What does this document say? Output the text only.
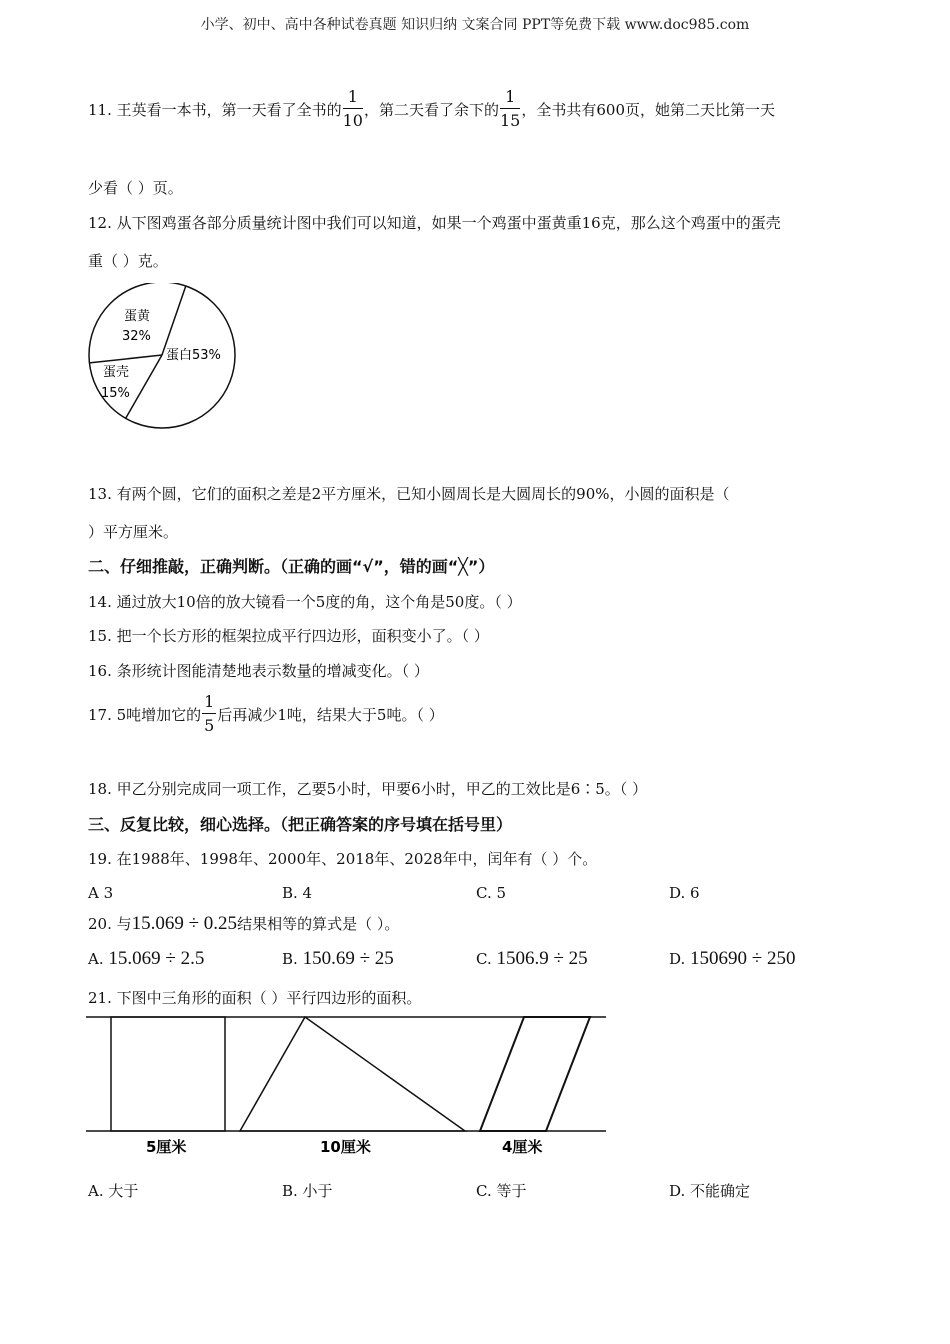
小学、初中、高中各种试卷真题 知识归纳 文案合同 PPT等免费下载 www.doc985.com
11. 王英看一本书，第一天看了全书的 $\frac{1}{10}$ ，第二天看了余下的 $\frac{1}{15}$ ，全书共有600页，她第二天比第一天
少看（ ）页。
12. 从下图鸡蛋各部分质量统计图中我们可以知道，如果一个鸡蛋中蛋黄重16克，那么这个鸡蛋中的蛋壳
重（ ）克。
蛋黄
32%
蛋白53%
蛋壳
15%
13. 有两个圆，它们的面积之差是2平方厘米，已知小圆周长是大圆周长的90%，小圆的面积是（
）平方厘米。
二、仔细推敲，正确判断。（正确的画“√”，错的画“╳”）
14. 通过放大10倍的放大镜看一个5度的角，这个角是50度。（ ）
15. 把一个长方形的框架拉成平行四边形，面积变小了。（ ）
16. 条形统计图能清楚地表示数量的增减变化。（ ）
17. 5吨增加它的 $\frac{1}{5}$ 后再减少1吨，结果大于5吨。（ ）
18. 甲乙分别完成同一项工作，乙要5小时，甲要6小时，甲乙的工效比是6∶5。（ ）
三、反复比较，细心选择。（把正确答案的序号填在括号里）
19. 在1988年、1998年、2000年、2018年、2028年中，闰年有（ ）个。
A 3	B. 4	C. 5	D. 6
20. 与15.069 ÷ 0.25结果相等的算式是（ ）。
A. 15.069 ÷ 2.5	B. 150.69 ÷ 25	C. 1506.9 ÷ 25	D. 150690 ÷ 250
21. 下图中三角形的面积（ ）平行四边形的面积。
5厘米	10厘米	4厘米
A. 大于	B. 小于	C. 等于	D. 不能确定
